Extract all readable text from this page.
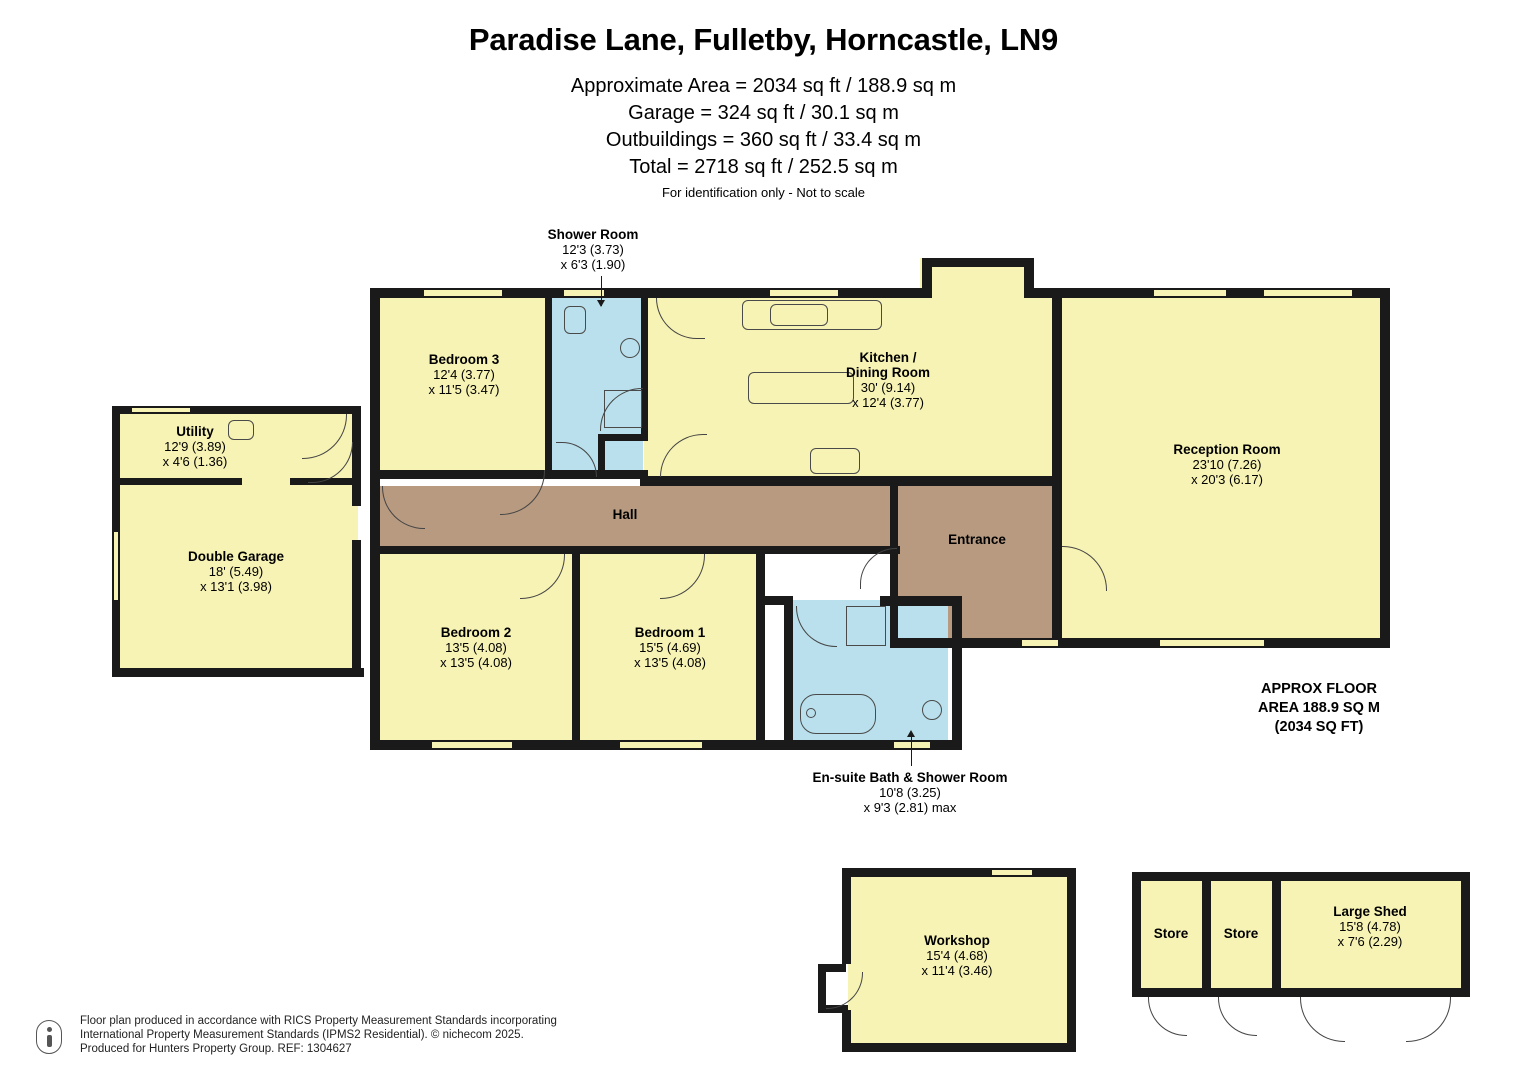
Paradise Lane, Fulletby, Horncastle, LN9
Approximate Area = 2034 sq ft / 188.9 sq m
Garage = 324 sq ft / 30.1 sq m
Outbuildings = 360 sq ft / 33.4 sq m
Total = 2718 sq ft / 252.5 sq m
For identification only - Not to scale
Shower Room
12'3 (3.73)
x 6'3 (1.90)
Bedroom 3
12'4 (3.77)
x 11'5 (3.47)
Kitchen /
Dining Room
30' (9.14)
x 12'4 (3.77)
Reception Room
23'10 (7.26)
x 20'3 (6.17)
Utility
12'9 (3.89)
x 4'6 (1.36)
Double Garage
18' (5.49)
x 13'1 (3.98)
Hall
Entrance
Bedroom 2
13'5 (4.08)
x 13'5 (4.08)
Bedroom 1
15'5 (4.69)
x 13'5 (4.08)
En-suite Bath & Shower Room
10'8 (3.25)
x 9'3 (2.81) max
APPROX FLOOR
AREA 188.9 SQ M
(2034 SQ FT)
Workshop
15'4 (4.68)
x 11'4 (3.46)
Store	Store
Large Shed
15'8 (4.78)
x 7'6 (2.29)
Floor plan produced in accordance with RICS Property Measurement Standards incorporating
International Property Measurement Standards (IPMS2 Residential). © nichecom 2025.
Produced for Hunters Property Group. REF: 1304627
